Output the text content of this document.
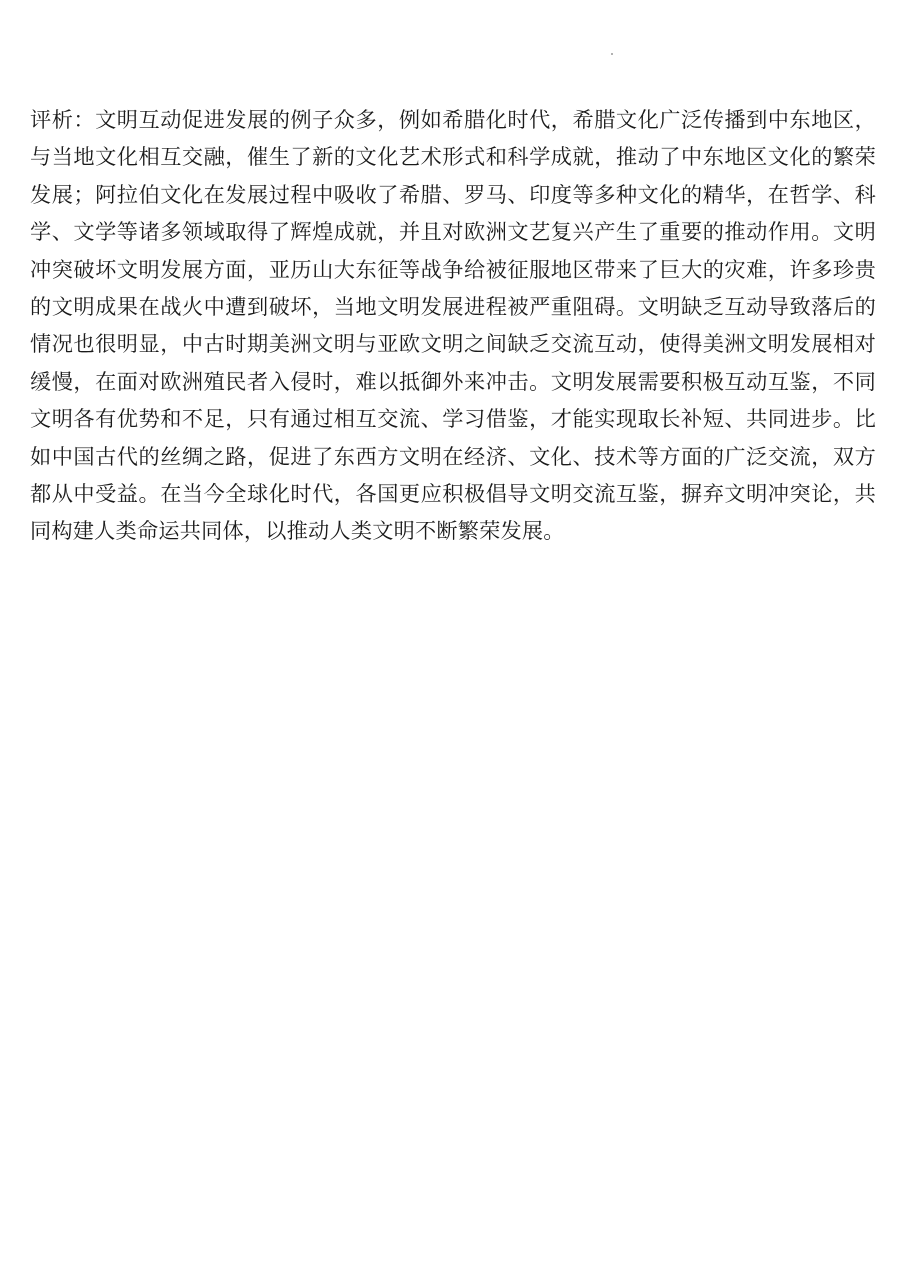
评析：文明互动促进发展的例子众多，例如希腊化时代，希腊文化广泛传播到中东地区，与当地文化相互交融，催生了新的文化艺术形式和科学成就，推动了中东地区文化的繁荣发展；阿拉伯文化在发展过程中吸收了希腊、罗马、印度等多种文化的精华，在哲学、科学、文学等诸多领域取得了辉煌成就，并且对欧洲文艺复兴产生了重要的推动作用。文明冲突破坏文明发展方面，亚历山大东征等战争给被征服地区带来了巨大的灾难，许多珍贵的文明成果在战火中遭到破坏，当地文明发展进程被严重阻碍。文明缺乏互动导致落后的情况也很明显，中古时期美洲文明与亚欧文明之间缺乏交流互动，使得美洲文明发展相对缓慢，在面对欧洲殖民者入侵时，难以抵御外来冲击。文明发展需要积极互动互鉴，不同文明各有优势和不足，只有通过相互交流、学习借鉴，才能实现取长补短、共同进步。比如中国古代的丝绸之路，促进了东西方文明在经济、文化、技术等方面的广泛交流，双方都从中受益。在当今全球化时代，各国更应积极倡导文明交流互鉴，摒弃文明冲突论，共同构建人类命运共同体，以推动人类文明不断繁荣发展。
